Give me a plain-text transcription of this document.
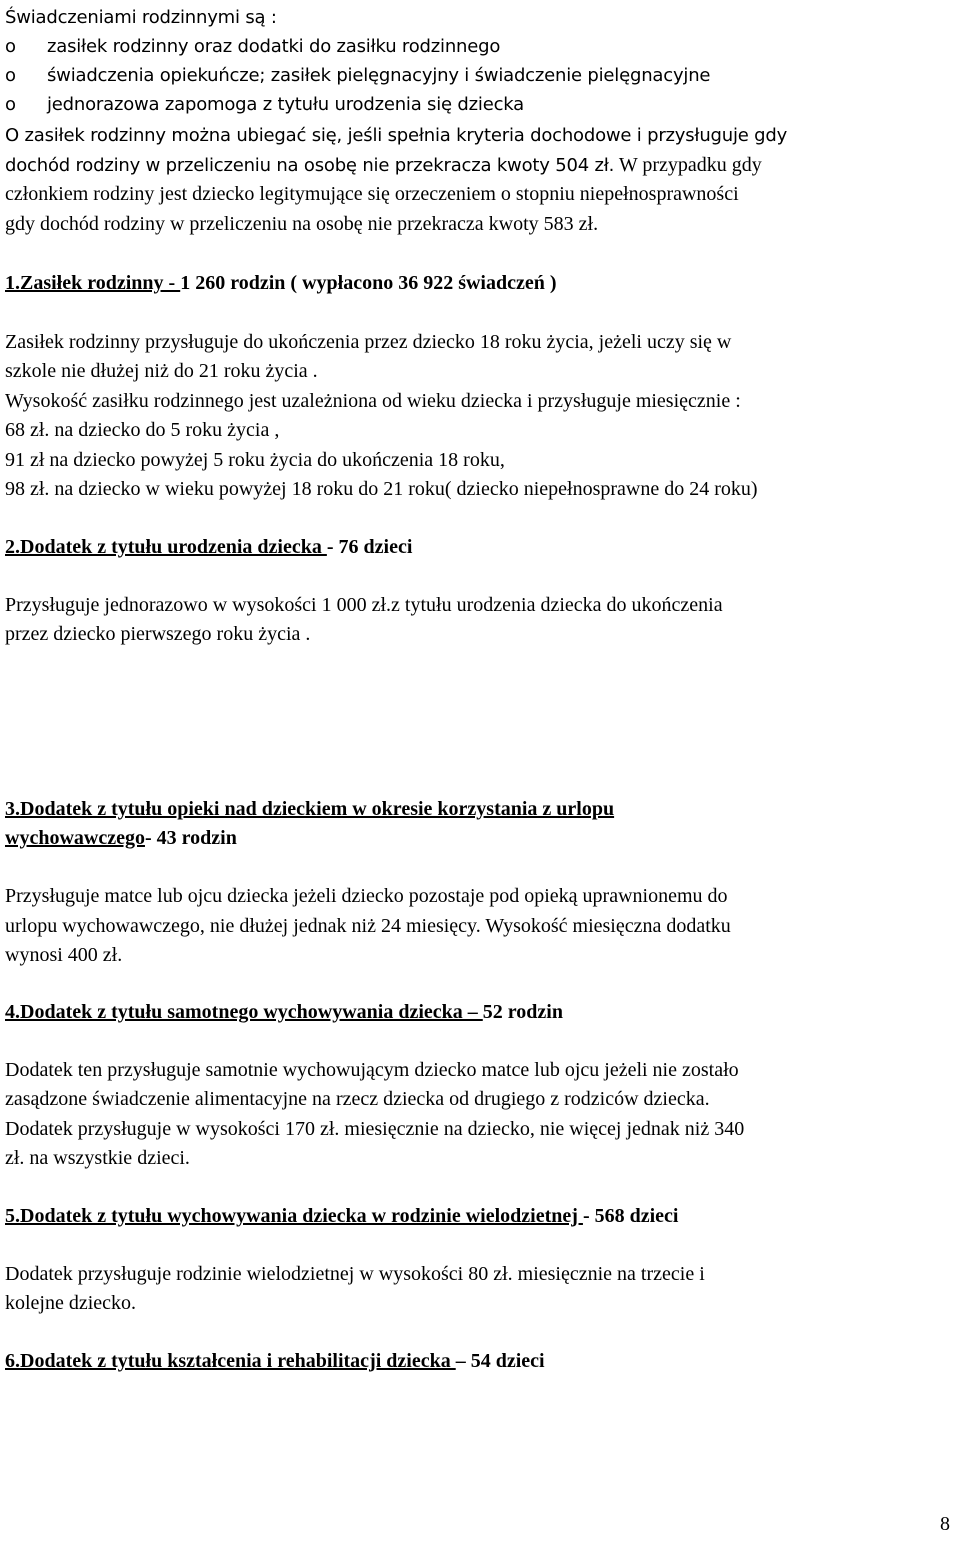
Świadczeniami rodzinnymi są :
o zasiłek rodzinny oraz dodatki do zasiłku rodzinnego
o świadczenia opiekuńcze; zasiłek pielęgnacyjny i świadczenie pielęgnacyjne
o jednorazowa zapomoga z tytułu urodzenia się dziecka
O zasiłek rodzinny można ubiegać się, jeśli spełnia kryteria dochodowe i przysługuje gdy
dochód rodziny w przeliczeniu na osobę nie przekracza kwoty 504 zł. W przypadku gdy
członkiem rodziny jest dziecko legitymujące się orzeczeniem o stopniu niepełnosprawności
gdy dochód rodziny w przeliczeniu na osobę nie przekracza kwoty 583 zł.
1.Zasiłek rodzinny - 1 260 rodzin ( wypłacono 36 922 świadczeń )
Zasiłek rodzinny przysługuje do ukończenia przez dziecko 18 roku życia, jeżeli uczy się w
szkole nie dłużej niż do 21 roku życia .
Wysokość zasiłku rodzinnego jest uzależniona od wieku dziecka i przysługuje miesięcznie :
68 zł. na dziecko do 5 roku życia ,
91 zł na dziecko powyżej 5 roku życia do ukończenia 18 roku,
98 zł. na dziecko w wieku powyżej 18 roku do 21 roku( dziecko niepełnosprawne do 24 roku)
2.Dodatek z tytułu urodzenia dziecka - 76 dzieci
Przysługuje jednorazowo w wysokości 1 000 zł.z tytułu urodzenia dziecka do ukończenia
przez dziecko pierwszego roku życia .
3.Dodatek z tytułu opieki nad dzieckiem w okresie korzystania z urlopu
wychowawczego- 43 rodzin
Przysługuje matce lub ojcu dziecka jeżeli dziecko pozostaje pod opieką uprawnionemu do
urlopu wychowawczego, nie dłużej jednak niż 24 miesięcy. Wysokość miesięczna dodatku
wynosi 400 zł.
4.Dodatek z tytułu samotnego wychowywania dziecka – 52 rodzin
Dodatek ten przysługuje samotnie wychowującym dziecko matce lub ojcu jeżeli nie zostało
zasądzone świadczenie alimentacyjne na rzecz dziecka od drugiego z rodziców dziecka.
Dodatek przysługuje w wysokości 170 zł. miesięcznie na dziecko, nie więcej jednak niż 340
zł. na wszystkie dzieci.
5.Dodatek z tytułu wychowywania dziecka w rodzinie wielodzietnej - 568 dzieci
Dodatek przysługuje rodzinie wielodzietnej w wysokości 80 zł. miesięcznie na trzecie i
kolejne dziecko.
6.Dodatek z tytułu kształcenia i rehabilitacji dziecka – 54 dzieci
8
